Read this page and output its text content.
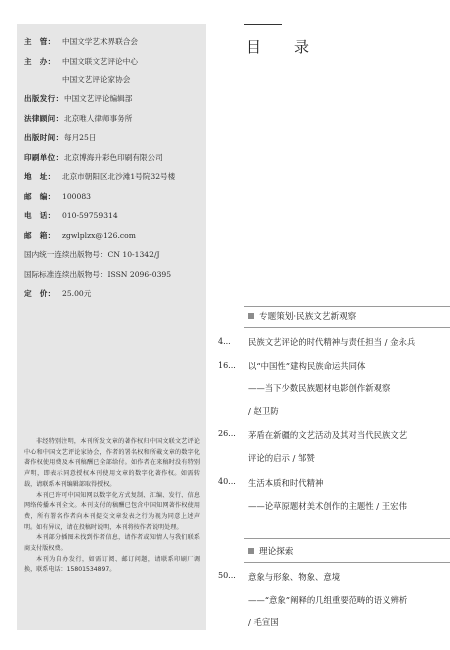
主　管： 中国文学艺术界联合会
主　办： 中国文联文艺评论中心
中国文艺评论家协会
出版发行： 中国文艺评论编辑部
法律顾问： 北京唯人律师事务所
出版时间： 每月25日
印刷单位： 北京博海升彩色印刷有限公司
地　址： 北京市朝阳区北沙滩1号院32号楼
邮　编： 100083
电　话： 010-59759314
邮　箱： zgwlplzx@126.com
国内统一连续出版物号：CN 10-1342/J
国际标准连续出版物号：ISSN 2096-0395
定　价： 25.00元

非经特别注明，本刊所发文章的著作权归中国文联文艺评论中心和中国文艺评论家协会，作者的署名权和所載文章的数字化著作权使用费及本刊稿酬已全部给付。如作者在来稿时没有特别声明，即表示同意授权本刊使用文章的数字化著作权。如需转载，请联系本刊编辑部取得授权。

本刊已许可中国知网以数字化方式复制、汇编、发行、信息网络传播本刊全文。本刊支付的稿酬已包含中国知网著作权使用费，所有署名作者向本刊提交文章发表之行为视为同意上述声明。如有异议，请在投稿时说明，本刊将按作者说明处理。

本刊部分插图未找到作者信息，请作者或知情人与我们联系商支付版权费。

本刊为自办发行，如需订阅、邮订问题，请联系印刷厂调换，联系电话：15801534897。

目　录
专题策划·民族文艺新观察
4... 民族文艺评论的时代精神与责任担当 / 金永兵
16... 以“中国性”建构民族命运共同体
——当下少数民族题材电影创作新观察
/ 赵卫防
26... 茅盾在新疆的文艺活动及其对当代民族文艺
评论的启示 / 邹赞
40... 生活本质和时代精神
——论草原题材美术创作的主题性 / 王宏伟
理论探索
50... 意象与形象、物象、意境
——“意象”阐释的几组重要范畴的语义辨析
/ 毛宣国
